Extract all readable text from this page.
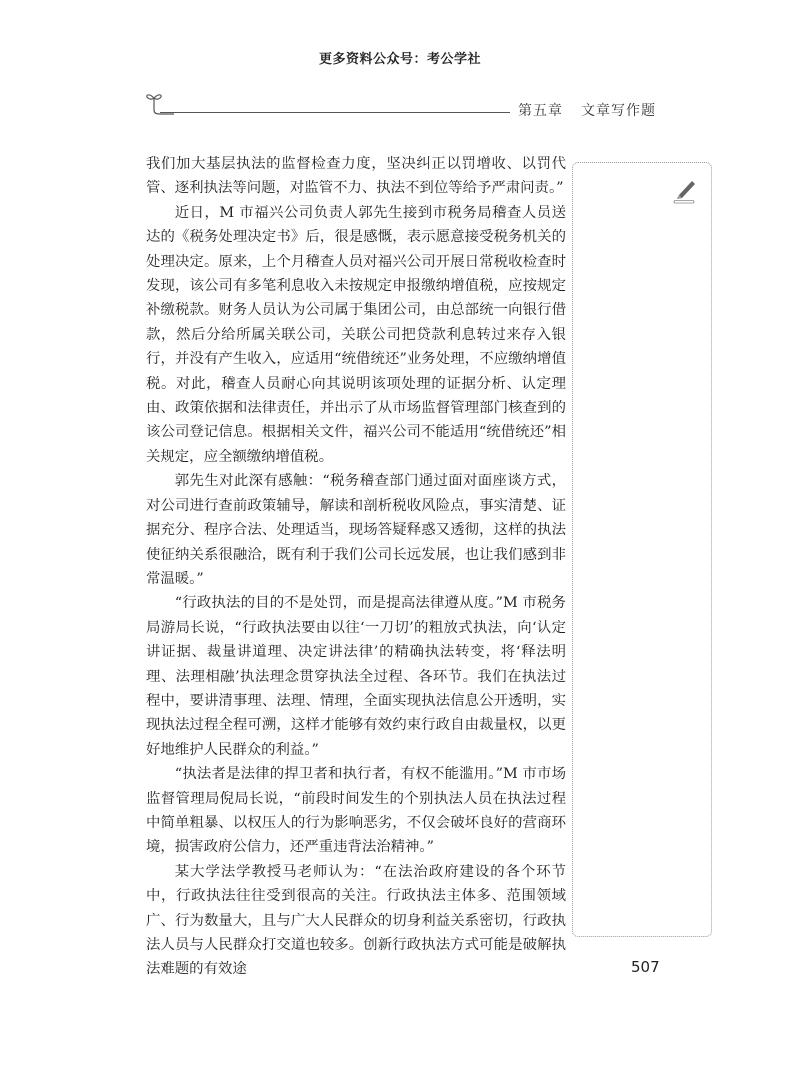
更多资料公众号：考公学社
第五章 文章写作题

我们加大基层执法的监督检查力度，坚决纠正以罚增收、以罚代管、逐利执法等问题，对监管不力、执法不到位等给予严肃问责。”

近日，M 市福兴公司负责人郭先生接到市税务局稽查人员送达的《税务处理决定书》后，很是感慨，表示愿意接受税务机关的处理决定。原来，上个月稽查人员对福兴公司开展日常税收检查时发现，该公司有多笔利息收入未按规定申报缴纳增值税，应按规定补缴税款。财务人员认为公司属于集团公司，由总部统一向银行借款，然后分给所属关联公司，关联公司把贷款利息转过来存入银行，并没有产生收入，应适用“统借统还”业务处理，不应缴纳增值税。对此，稽查人员耐心向其说明该项处理的证据分析、认定理由、政策依据和法律责任，并出示了从市场监督管理部门核查到的该公司登记信息。根据相关文件，福兴公司不能适用“统借统还”相关规定，应全额缴纳增值税。

郭先生对此深有感触：“税务稽查部门通过面对面座谈方式，对公司进行查前政策辅导，解读和剖析税收风险点，事实清楚、证据充分、程序合法、处理适当，现场答疑释惑又透彻，这样的执法使征纳关系很融洽，既有利于我们公司长远发展，也让我们感到非常温暖。”

“行政执法的目的不是处罚，而是提高法律遵从度。”M 市税务局游局长说，“行政执法要由以往‘一刀切’的粗放式执法，向‘认定讲证据、裁量讲道理、决定讲法律’的精确执法转变，将‘释法明理、法理相融’执法理念贯穿执法全过程、各环节。我们在执法过程中，要讲清事理、法理、情理，全面实现执法信息公开透明，实现执法过程全程可溯，这样才能够有效约束行政自由裁量权，以更好地维护人民群众的利益。”

“执法者是法律的捍卫者和执行者，有权不能滥用。”M 市市场监督管理局倪局长说，“前段时间发生的个别执法人员在执法过程中简单粗暴、以权压人的行为影响恶劣，不仅会破坏良好的营商环境，损害政府公信力，还严重违背法治精神。”

某大学法学教授马老师认为：“在法治政府建设的各个环节中，行政执法往往受到很高的关注。行政执法主体多、范围领域广、行为数量大，且与广大人民群众的切身利益关系密切，行政执法人员与人民群众打交道也较多。创新行政执法方式可能是破解执法难题的有效途	507
